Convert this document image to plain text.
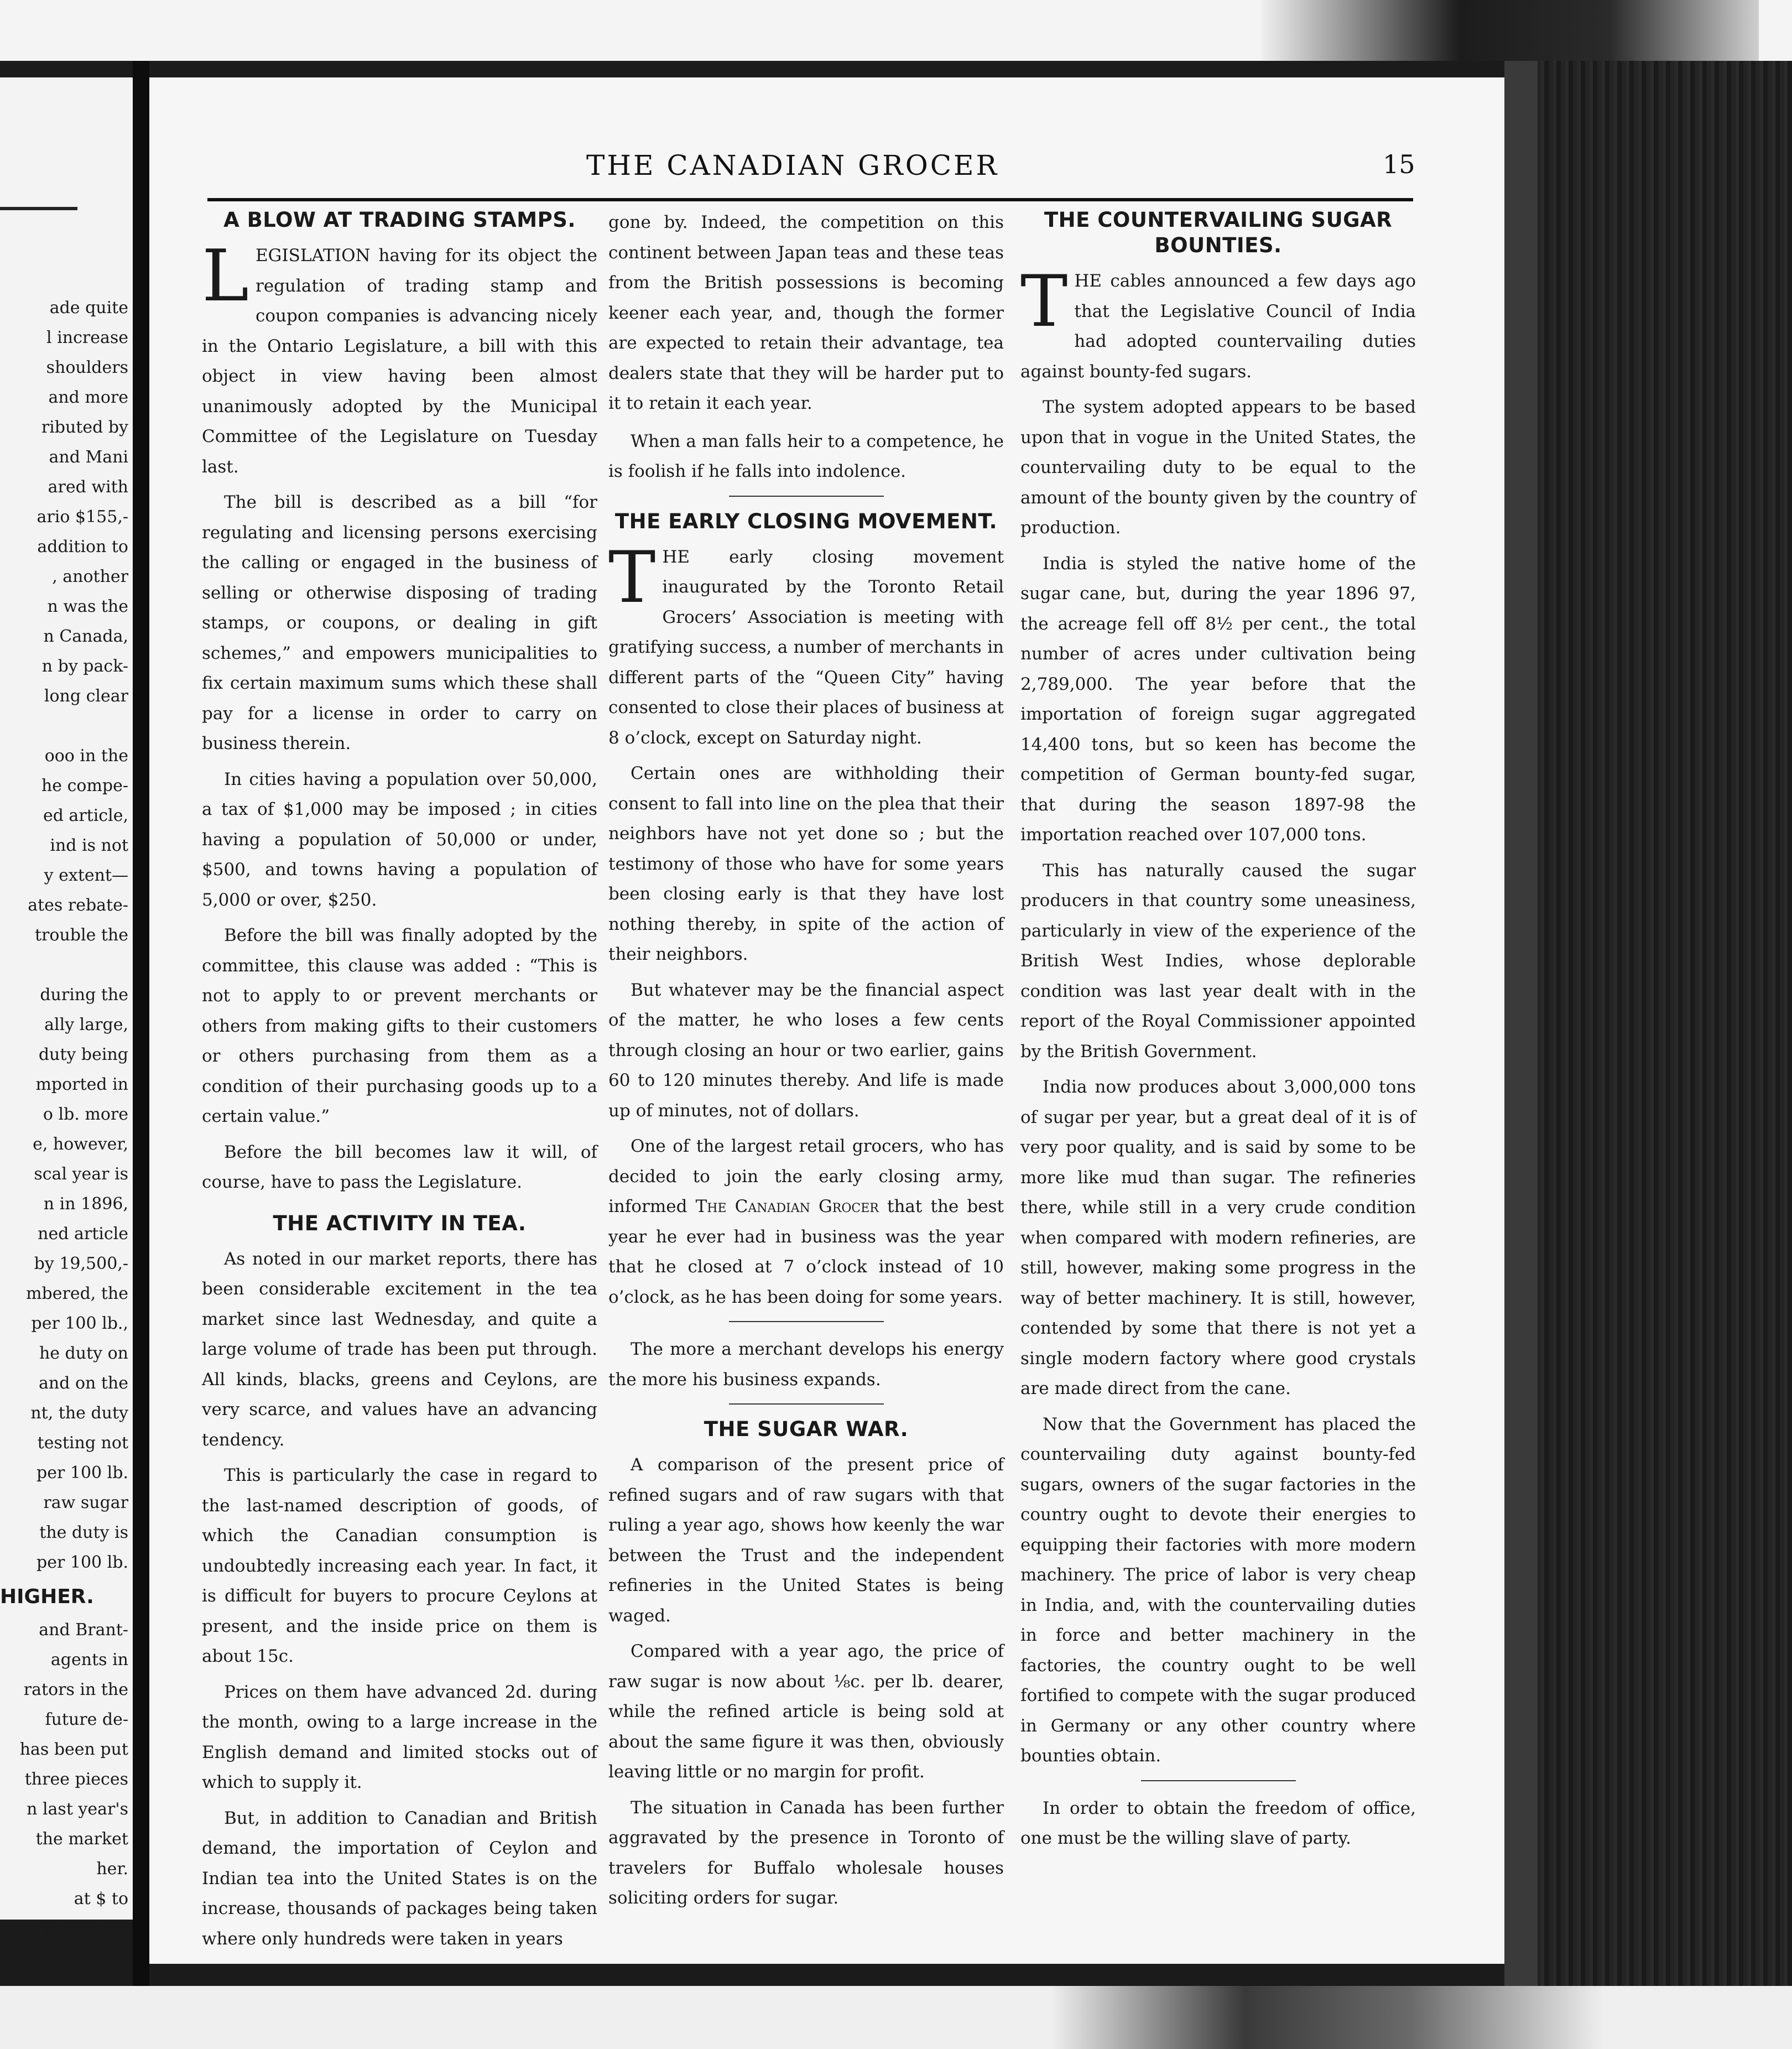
ade quite
l increase
shoulders
and more
ributed by
and Mani
ared with
ario $155,-
addition to
, another
n was the
n Canada,
n by pack-
long clear

ooo in the
he compe-
ed article,
ind is not
y extent—
ates rebate-
trouble the

during the
ally large,
duty being
mported in
o lb. more
e, however,
scal year is
n in 1896,
ned article
by 19,500,-
mbered, the
per 100 lb.,
he duty on
and on the
nt, the duty
testing not
per 100 lb.
raw sugar
the duty is
per 100 lb.
HIGHER.
and Brant-
agents in
rators in the
future de-
has been put
three pieces
n last year's
the market
her.
at $ to
o, and -lb.
THE CANADIAN GROCER	15
A BLOW AT TRADING STAMPS.

LEGISLATION having for its object the regulation of trading stamp and coupon companies is advancing nicely in the Ontario Legislature, a bill with this object in view having been almost unanimously adopted by the Municipal Committee of the Legislature on Tuesday last.

The bill is described as a bill “for regulating and licensing persons exercising the calling or engaged in the business of selling or otherwise disposing of trading stamps, or coupons, or dealing in gift schemes,” and empowers municipalities to fix certain maximum sums which these shall pay for a license in order to carry on business therein.

In cities having a population over 50,000, a tax of $1,000 may be imposed ; in cities having a population of 50,000 or under, $500, and towns having a population of 5,000 or over, $250.

Before the bill was finally adopted by the committee, this clause was added : “This is not to apply to or prevent merchants or others from making gifts to their customers or others purchasing from them as a condition of their purchasing goods up to a certain value.”

Before the bill becomes law it will, of course, have to pass the Legislature.

THE ACTIVITY IN TEA.

As noted in our market reports, there has been considerable excitement in the tea market since last Wednesday, and quite a large volume of trade has been put through. All kinds, blacks, greens and Ceylons, are very scarce, and values have an advancing tendency.

This is particularly the case in regard to the last-named description of goods, of which the Canadian consumption is undoubtedly increasing each year. In fact, it is difficult for buyers to procure Ceylons at present, and the inside price on them is about 15c.

Prices on them have advanced 2d. during the month, owing to a large increase in the English demand and limited stocks out of which to supply it.

But, in addition to Canadian and British demand, the importation of Ceylon and Indian tea into the United States is on the increase, thousands of packages being taken where only hundreds were taken in years

gone by. Indeed, the competition on this continent between Japan teas and these teas from the British possessions is becoming keener each year, and, though the former are expected to retain their advantage, tea dealers state that they will be harder put to it to retain it each year.

When a man falls heir to a competence, he is foolish if he falls into indolence.

THE EARLY CLOSING MOVEMENT.

THE early closing movement inaugurated by the Toronto Retail Grocers’ Association is meeting with gratifying success, a number of merchants in different parts of the “Queen City” having consented to close their places of business at 8 o’clock, except on Saturday night.

Certain ones are withholding their consent to fall into line on the plea that their neighbors have not yet done so ; but the testimony of those who have for some years been closing early is that they have lost nothing thereby, in spite of the action of their neighbors.

But whatever may be the financial aspect of the matter, he who loses a few cents through closing an hour or two earlier, gains 60 to 120 minutes thereby. And life is made up of minutes, not of dollars.

One of the largest retail grocers, who has decided to join the early closing army, informed The Canadian Grocer that the best year he ever had in business was the year that he closed at 7 o’clock instead of 10 o’clock, as he has been doing for some years.

The more a merchant develops his energy the more his business expands.

THE SUGAR WAR.

A comparison of the present price of refined sugars and of raw sugars with that ruling a year ago, shows how keenly the war between the Trust and the independent refineries in the United States is being waged.

Compared with a year ago, the price of raw sugar is now about ⅛c. per lb. dearer, while the refined article is being sold at about the same figure it was then, obviously leaving little or no margin for profit.

The situation in Canada has been further aggravated by the presence in Toronto of travelers for Buffalo wholesale houses soliciting orders for sugar.

THE COUNTERVAILING SUGAR BOUNTIES.

THE cables announced a few days ago that the Legislative Council of India had adopted countervailing duties against bounty-fed sugars.

The system adopted appears to be based upon that in vogue in the United States, the countervailing duty to be equal to the amount of the bounty given by the country of production.

India is styled the native home of the sugar cane, but, during the year 1896 97, the acreage fell off 8½ per cent., the total number of acres under cultivation being 2,789,000. The year before that the importation of foreign sugar aggregated 14,400 tons, but so keen has become the competition of German bounty-fed sugar, that during the season 1897-98 the importation reached over 107,000 tons.

This has naturally caused the sugar producers in that country some uneasiness, particularly in view of the experience of the British West Indies, whose deplorable condition was last year dealt with in the report of the Royal Commissioner appointed by the British Government.

India now produces about 3,000,000 tons of sugar per year, but a great deal of it is of very poor quality, and is said by some to be more like mud than sugar. The refineries there, while still in a very crude condition when compared with modern refineries, are still, however, making some progress in the way of better machinery. It is still, however, contended by some that there is not yet a single modern factory where good crystals are made direct from the cane.

Now that the Government has placed the countervailing duty against bounty-fed sugars, owners of the sugar factories in the country ought to devote their energies to equipping their factories with more modern machinery. The price of labor is very cheap in India, and, with the countervailing duties in force and better machinery in the factories, the country ought to be well fortified to compete with the sugar produced in Germany or any other country where bounties obtain.

In order to obtain the freedom of office, one must be the willing slave of party.
